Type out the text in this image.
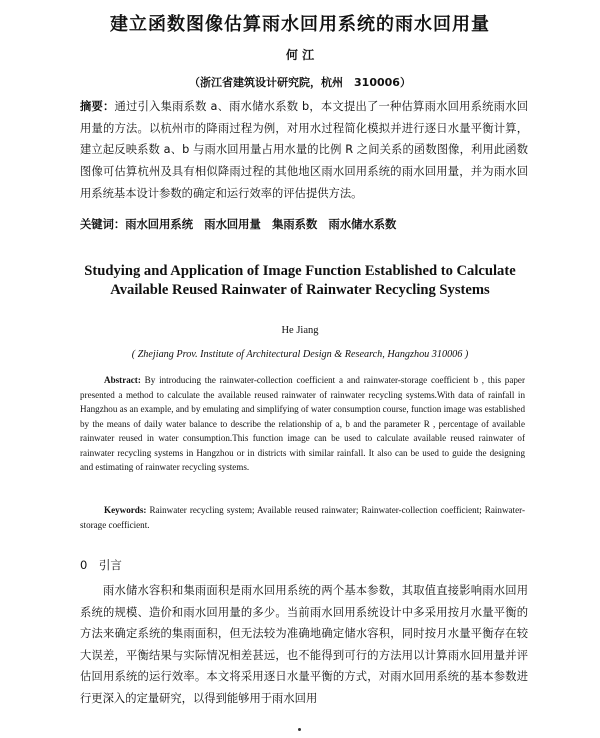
建立函数图像估算雨水回用系统的雨水回用量
何 江
（浙江省建筑设计研究院，杭州　310006）
摘要：通过引入集雨系数 a、雨水储水系数 b，本文提出了一种估算雨水回用系统雨水回用量的方法。以杭州市的降雨过程为例，对用水过程简化模拟并进行逐日水量平衡计算，建立起反映系数 a、b 与雨水回用量占用水量的比例 R 之间关系的函数图像，利用此函数图像可估算杭州及具有相似降雨过程的其他地区雨水回用系统的雨水回用量，并为雨水回用系统基本设计参数的确定和运行效率的评估提供方法。
关键词：雨水回用系统　雨水回用量　集雨系数　雨水储水系数
Studying and Application of Image Function Established to Calculate Available Reused Rainwater of Rainwater Recycling Systems
He Jiang
( Zhejiang Prov. Institute of Architectural Design & Research, Hangzhou 310006 )
Abstract: By introducing the rainwater-collection coefficient a and rainwater-storage coefficient b , this paper presented a method to calculate the available reused rainwater of rainwater recycling systems.With data of rainfall in Hangzhou as an example, and by emulating and simplifying of water consumption course, function image was established by the means of daily water balance to describe the relationship of a, b and the parameter R , percentage of available rainwater reused in water consumption.This function image can be used to calculate available reused rainwater of rainwater recycling systems in Hangzhou or in districts with similar rainfall. It also can be used to guide the designing and estimating of rainwater recycling systems.
Keywords: Rainwater recycling system; Available reused rainwater; Rainwater-collection coefficient; Rainwater-storage coefficient.
0　引言
雨水储水容积和集雨面积是雨水回用系统的两个基本参数，其取值直接影响雨水回用系统的规模、造价和雨水回用量的多少。当前雨水回用系统设计中多采用按月水量平衡的方法来确定系统的集雨面积，但无法较为准确地确定储水容积，同时按月水量平衡存在较大误差，平衡结果与实际情况相差甚远，也不能得到可行的方法用以计算雨水回用量并评估回用系统的运行效率。本文将采用逐日水量平衡的方式，对雨水回用系统的基本参数进行更深入的定量研究，以得到能够用于雨水回用
